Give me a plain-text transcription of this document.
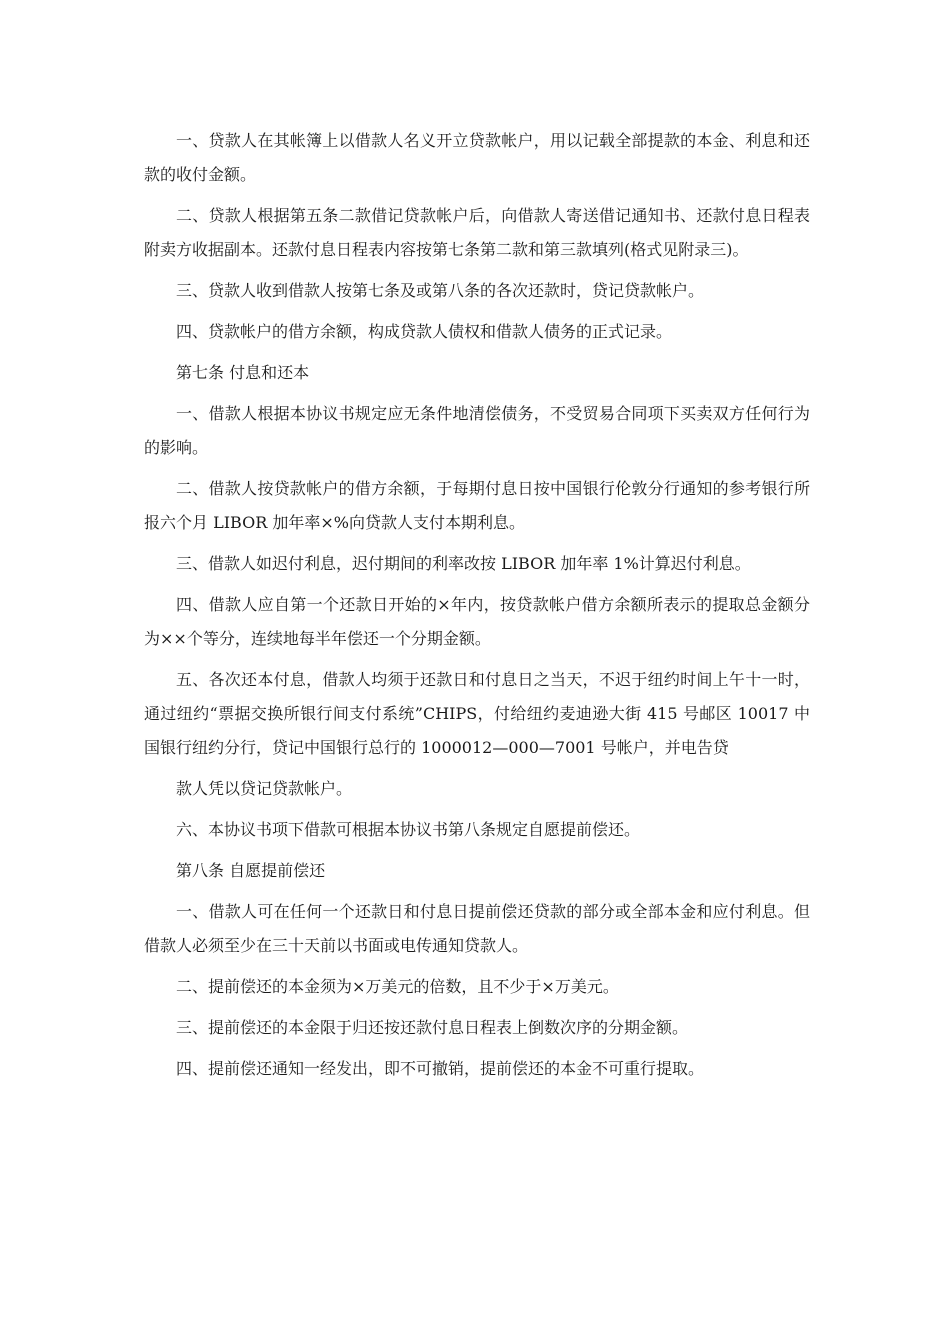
一、贷款人在其帐簿上以借款人名义开立贷款帐户，用以记载全部提款的本金、利息和还款的收付金额。

二、贷款人根据第五条二款借记贷款帐户后，向借款人寄送借记通知书、还款付息日程表附卖方收据副本。还款付息日程表内容按第七条第二款和第三款填列(格式见附录三)。

三、贷款人收到借款人按第七条及或第八条的各次还款时，贷记贷款帐户。

四、贷款帐户的借方余额，构成贷款人债权和借款人债务的正式记录。

第七条 付息和还本

一、借款人根据本协议书规定应无条件地清偿债务，不受贸易合同项下买卖双方任何行为的影响。

二、借款人按贷款帐户的借方余额，于每期付息日按中国银行伦敦分行通知的参考银行所报六个月 LIBOR 加年率×%向贷款人支付本期利息。

三、借款人如迟付利息，迟付期间的利率改按 LIBOR 加年率 1%计算迟付利息。

四、借款人应自第一个还款日开始的×年内，按贷款帐户借方余额所表示的提取总金额分为××个等分，连续地每半年偿还一个分期金额。

五、各次还本付息，借款人均须于还款日和付息日之当天，不迟于纽约时间上午十一时，通过纽约“票据交换所银行间支付系统”CHIPS，付给纽约麦迪逊大街 415 号邮区 10017 中国银行纽约分行，贷记中国银行总行的 1000012—000—7001 号帐户，并电告贷

款人凭以贷记贷款帐户。

六、本协议书项下借款可根据本协议书第八条规定自愿提前偿还。

第八条 自愿提前偿还

一、借款人可在任何一个还款日和付息日提前偿还贷款的部分或全部本金和应付利息。但借款人必须至少在三十天前以书面或电传通知贷款人。

二、提前偿还的本金须为×万美元的倍数，且不少于×万美元。

三、提前偿还的本金限于归还按还款付息日程表上倒数次序的分期金额。

四、提前偿还通知一经发出，即不可撤销，提前偿还的本金不可重行提取。
